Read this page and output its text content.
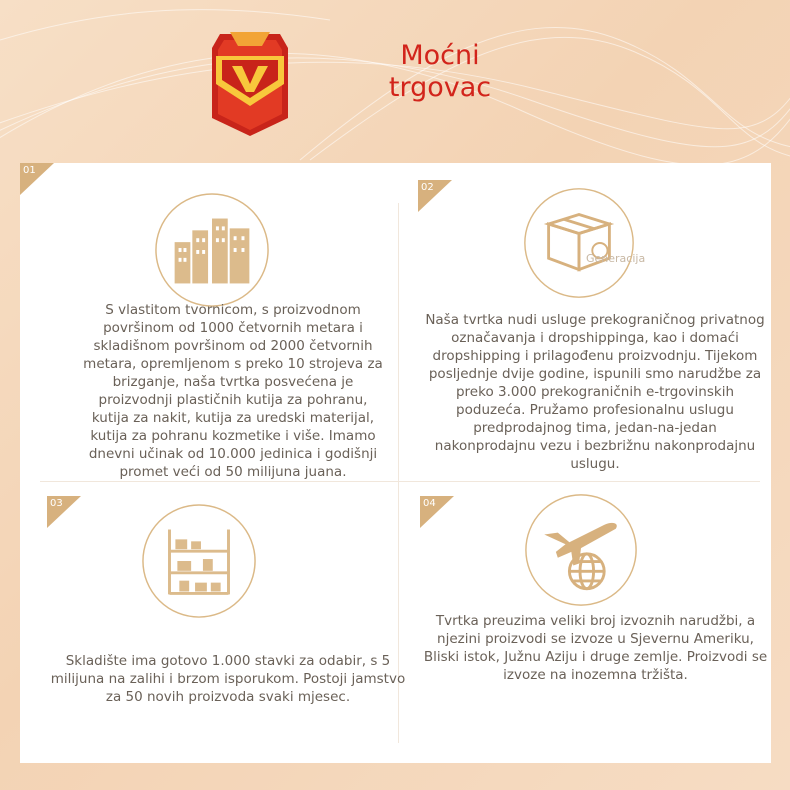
Moćni
trgovac
01

S vlastitom tvornicom, s proizvodnom površinom od 1000 četvornih metara i skladišnom površinom od 2000 četvornih metara, opremljenom s preko 10 strojeva za brizganje, naša tvrtka posvećena je proizvodnji plastičnih kutija za pohranu, kutija za nakit, kutija za uredski materijal, kutija za pohranu kozmetike i više. Imamo dnevni učinak od 10.000 jedinica i godišnji promet veći od 50 milijuna juana.

02
Generacija

Naša tvrtka nudi usluge prekograničnog privatnog označavanja i dropshippinga, kao i domaći dropshipping i prilagođenu proizvodnju. Tijekom posljednje dvije godine, ispunili smo narudžbe za preko 3.000 prekograničnih e-trgovinskih poduzeća. Pružamo profesionalnu uslugu predprodajnog tima, jedan-na-jedan nakonprodajnu vezu i bezbrižnu nakonprodajnu uslugu.

03

Skladište ima gotovo 1.000 stavki za odabir, s 5 milijuna na zalihi i brzom isporukom. Postoji jamstvo za 50 novih proizvoda svaki mjesec.

04

Tvrtka preuzima veliki broj izvoznih narudžbi, a njezini proizvodi se izvoze u Sjevernu Ameriku, Bliski istok, Južnu Aziju i druge zemlje. Proizvodi se izvoze na inozemna tržišta.
